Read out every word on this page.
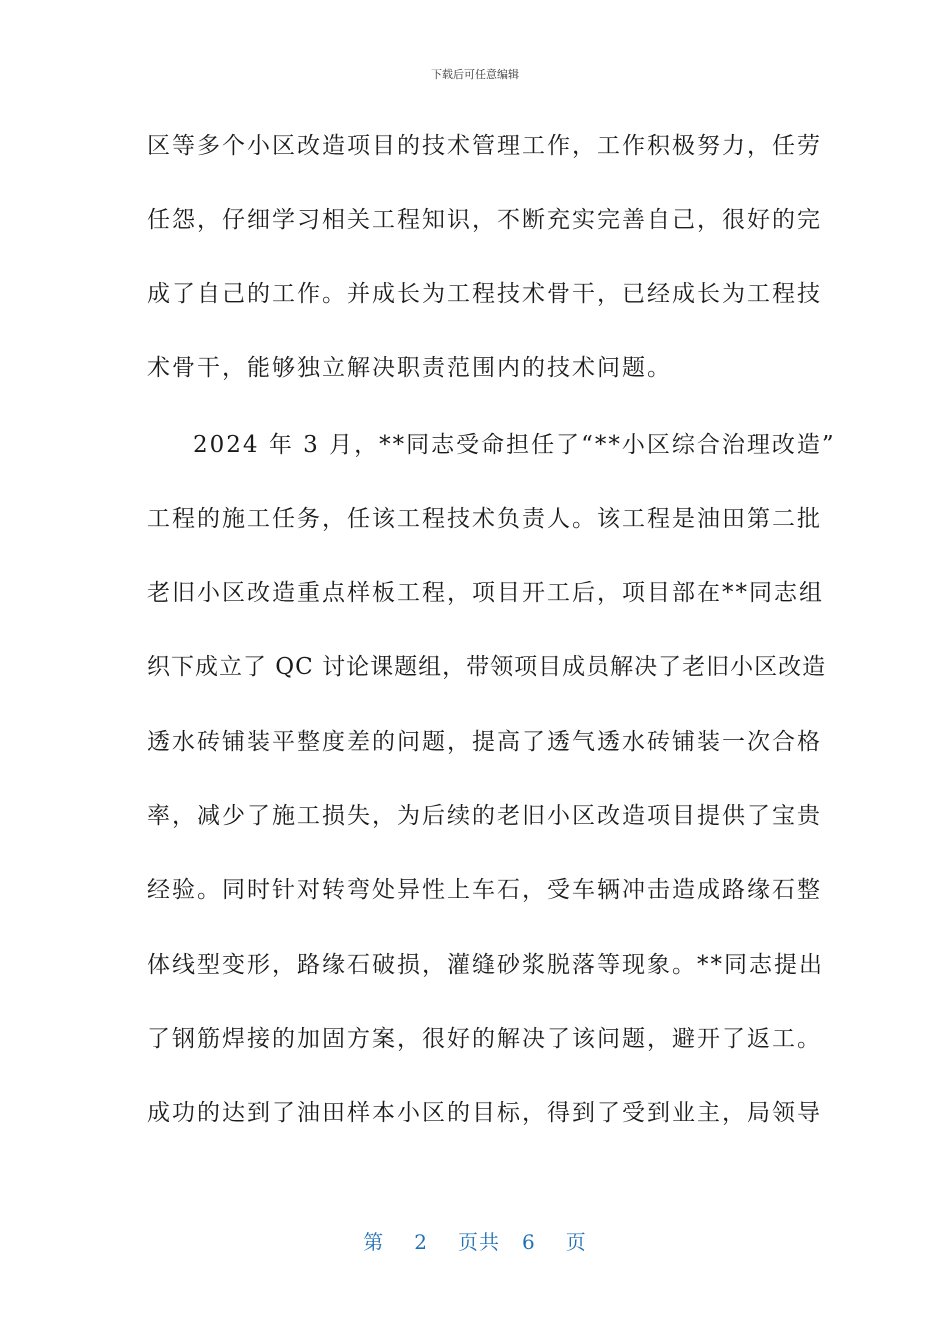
下载后可任意编辑
区等多个小区改造项目的技术管理工作，工作积极努力，任劳
任怨，仔细学习相关工程知识，不断充实完善自己，很好的完
成了自己的工作。并成长为工程技术骨干，已经成长为工程技
术骨干，能够独立解决职责范围内的技术问题。
2024 年 3 月，**同志受命担任了“**小区综合治理改造”
工程的施工任务，任该工程技术负责人。该工程是油田第二批
老旧小区改造重点样板工程，项目开工后，项目部在**同志组
织下成立了 QC 讨论课题组，带领项目成员解决了老旧小区改造
透水砖铺装平整度差的问题，提高了透气透水砖铺装一次合格
率，减少了施工损失，为后续的老旧小区改造项目提供了宝贵
经验。同时针对转弯处异性上车石，受车辆冲击造成路缘石整
体线型变形，路缘石破损，灌缝砂浆脱落等现象。**同志提出
了钢筋焊接的加固方案，很好的解决了该问题，避开了返工。
成功的达到了油田样本小区的目标，得到了受到业主，局领导
第 2 页共 6 页
